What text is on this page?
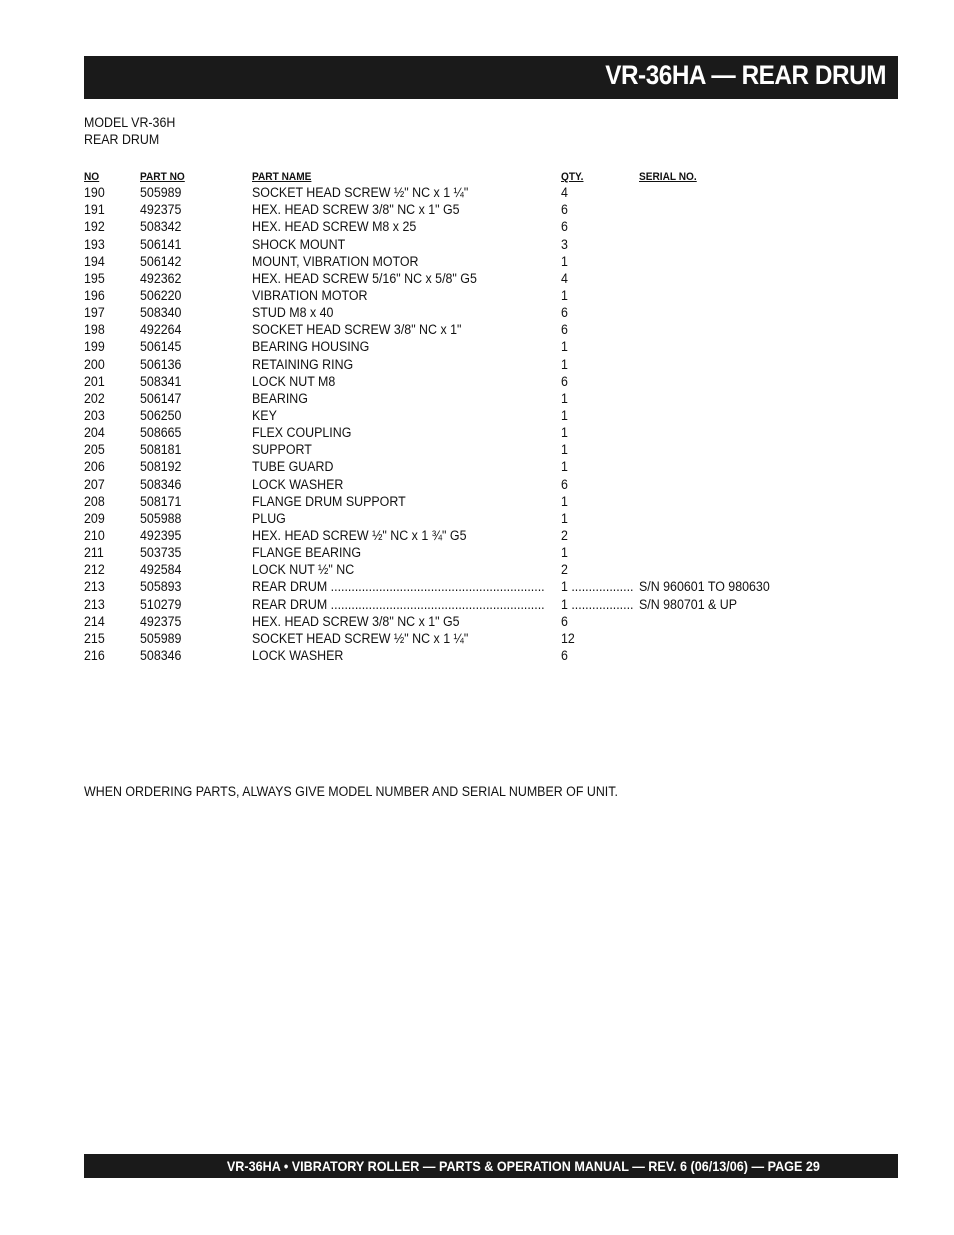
VR-36HA — REAR DRUM
MODEL VR-36H
REAR DRUM
NO	PART NO	PART NAME	QTY.	SERIAL NO.
190	505989	SOCKET HEAD SCREW ½" NC x 1 ¼"	4
191	492375	HEX. HEAD SCREW 3/8" NC x 1" G5	6
192	508342	HEX. HEAD SCREW M8 x 25	6
193	506141	SHOCK MOUNT	3
194	506142	MOUNT, VIBRATION MOTOR	1
195	492362	HEX. HEAD SCREW 5/16" NC x 5/8" G5	4
196	506220	VIBRATION MOTOR	1
197	508340	STUD M8 x 40	6
198	492264	SOCKET HEAD SCREW 3/8" NC x 1"	6
199	506145	BEARING HOUSING	1
200	506136	RETAINING RING	1
201	508341	LOCK NUT M8	6
202	506147	BEARING	1
203	506250	KEY	1
204	508665	FLEX COUPLING	1
205	508181	SUPPORT	1
206	508192	TUBE GUARD	1
207	508346	LOCK WASHER	6
208	508171	FLANGE DRUM SUPPORT	1
209	505988	PLUG	1
210	492395	HEX. HEAD SCREW ½" NC x 1 ¾" G5	2
211	503735	FLANGE BEARING	1
212	492584	LOCK NUT ½" NC	2
213	505893	REAR DRUM .............................................................. 1 .................. S/N 960601 TO 980630
213	510279	REAR DRUM .............................................................. 1 .................. S/N 980701 & UP
214	492375	HEX. HEAD SCREW 3/8" NC x 1" G5	6
215	505989	SOCKET HEAD SCREW ½" NC x 1 ¼"	12
216	508346	LOCK WASHER	6
WHEN ORDERING PARTS, ALWAYS GIVE MODEL NUMBER AND SERIAL NUMBER OF UNIT.
VR-36HA • VIBRATORY ROLLER — PARTS & OPERATION MANUAL — REV. 6 (06/13/06) — PAGE 29
